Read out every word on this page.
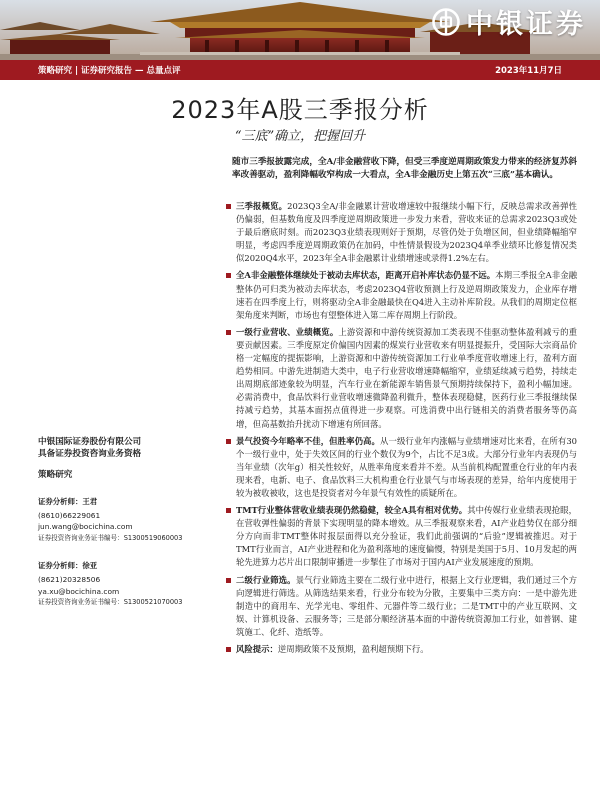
中银证券
策略研究 | 证券研究报告 — 总量点评	2023年11月7日
2023年A股三季报分析
“三底”确立，把握回升
随市三季报披露完成，全A/非金融营收下降，但受三季度逆周期政策发力带来的经济复苏斜率改善驱动，盈利降幅收窄构成一大看点，全A非金融历史上第五次“三底”基本确认。
三季报概览。2023Q3全A/非金融累计营收增速较中报继续小幅下行，反映总需求改善弹性仍偏弱，但基数角度及四季度逆周期政策进一步发力来看，营收来证的总需求2023Q3或处于最后磨底时刻。而2023Q3业绩表现则好于预期，尽管仍处于负增区间，但业绩降幅缩窄明显，考虑四季度逆周期政策仍在加码，中性情景假设为2023Q4单季业绩环比修复情况类似2020Q4水平，2023年全A非金融累计业绩增速或录得1.2%左右。
全A非金融整体继续处于被动去库状态，距离开启补库状态仍显不远。本期三季报全A非金融整体仍可归类为被动去库状态，考虑2023Q4营收预测上行及逆周期政策发力，企业库存增速若在四季度上行，则将驱动全A非金融最快在Q4进入主动补库阶段。从我们的周期定位框架角度来判断，市场也有望整体进入第二库存周期上行阶段。
一级行业营收、业绩概览。上游资源和中游传统资源加工类表现不佳驱动整体盈利减亏的重要贡献因素。三季度原定价偏国内因素的煤炭行业营收来有明显提振升，受国际大宗商品价格一定幅度的提振影响，上游资源和中游传统资源加工行业单季度营收增速上行，盈利方面趋势相同。中游先进制造大类中，电子行业营收增速降幅缩窄，业绩延续减亏趋势，持续走出周期底部迹象较为明显，汽车行业在新能源车销售景气预期持续保持下，盈利小幅加速。必需消费中，食品饮料行业营收增速微降盈利微升，整体表现稳健，医药行业三季报继续保持减亏趋势，其基本面拐点值得进一步观察。可选消费中出行链相关的消费者服务等仍高增，但高基数抬升扰动下增速有所回落。
景气投资今年略率不佳，但胜率仍高。从一级行业年内涨幅与业绩增速对比来看，在所有30个一级行业中，处于失效区间的行业个数仅为9个，占比不足3成。大部分行业年内表现仍与当年业绩（次年g）相关性较好，从胜率角度来看并不差。从当前机构配置重仓行业的年内表现来看，电新、电子、食品饮料三大机构重仓行业景气与市场表现的差异，给年内度使用于较为被收被收，这也是投资者对今年景气有效性的质疑所在。
TMT行业整体营收业绩表现仍然稳健，较全A具有相对优势。其中传媒行业业绩表现抢眼，在营收弹性偏弱的背景下实现明显的降本增效。从三季报观察来看，AI产业趋势仅在部分细分方向而非TMT整体时报层面得以充分验证，我们此前强调的“后验”逻辑被推迟。对于TMT行业而言，AI产业进程和化为盈利落地的速度偏慢，特别是美国于5月、10月发起的两轮先进算力芯片出口限制审播进一步掣住了市场对于国内AI产业发展速度的预期。
二级行业筛选。景气行业筛选主要在二级行业中进行，根据上文行业逻辑，我们通过三个方向逻辑进行筛选。从筛选结果来看，行业分布较为分散，主要集中三类方向：一是中游先进制造中的商用车、光学光电、零组件、元器件等二级行业；二是TMT中的产业互联网、文娱、计算机设备、云服务等；三是部分顺经济基本面的中游传统资源加工行业，如普钢、建筑施工、化纤、造纸等。
风险提示：逆周期政策不及预期，盈利超预期下行。
中银国际证券股份有限公司
具备证券投资咨询业务资格
策略研究
证券分析师：王君
(8610)66229061
jun.wang@bocichina.com
证券投资咨询业务证书编号：S1300519060003
证券分析师：徐亚
(8621)20328506
ya.xu@bocichina.com
证券投资咨询业务证书编号：S1300521070003
